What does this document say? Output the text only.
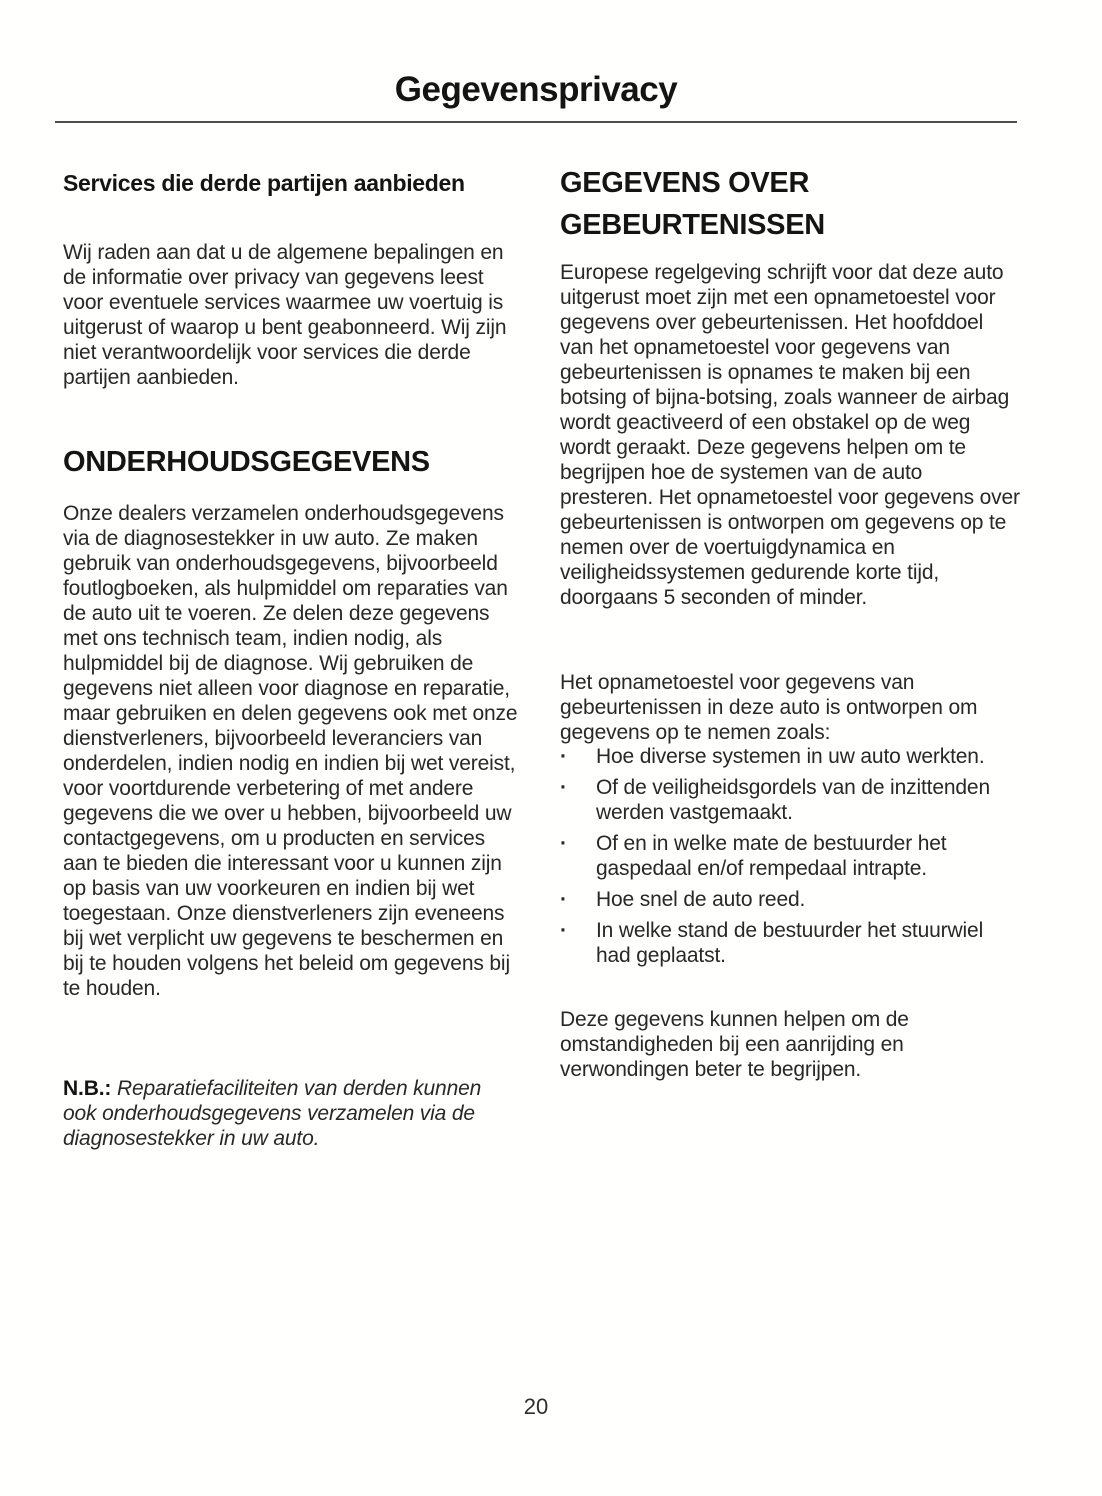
Gegevensprivacy
Services die derde partijen aanbieden

Wij raden aan dat u de algemene bepalingen en de informatie over privacy van gegevens leest voor eventuele services waarmee uw voertuig is uitgerust of waarop u bent geabonneerd. Wij zijn niet verantwoordelijk voor services die derde partijen aanbieden.

ONDERHOUDSGEGEVENS

Onze dealers verzamelen onderhoudsgegevens via de diagnosestekker in uw auto. Ze maken gebruik van onderhoudsgegevens, bijvoorbeeld foutlogboeken, als hulpmiddel om reparaties van de auto uit te voeren. Ze delen deze gegevens met ons technisch team, indien nodig, als hulpmiddel bij de diagnose. Wij gebruiken de gegevens niet alleen voor diagnose en reparatie, maar gebruiken en delen gegevens ook met onze dienstverleners, bijvoorbeeld leveranciers van onderdelen, indien nodig en indien bij wet vereist, voor voortdurende verbetering of met andere gegevens die we over u hebben, bijvoorbeeld uw contactgegevens, om u producten en services aan te bieden die interessant voor u kunnen zijn op basis van uw voorkeuren en indien bij wet toegestaan. Onze dienstverleners zijn eveneens bij wet verplicht uw gegevens te beschermen en bij te houden volgens het beleid om gegevens bij te houden.

N.B.: Reparatiefaciliteiten van derden kunnen ook onderhoudsgegevens verzamelen via de diagnosestekker in uw auto.

GEGEVENS OVER GEBEURTENISSEN

Europese regelgeving schrijft voor dat deze auto uitgerust moet zijn met een opnametoestel voor gegevens over gebeurtenissen. Het hoofddoel van het opnametoestel voor gegevens van gebeurtenissen is opnames te maken bij een botsing of bijna-botsing, zoals wanneer de airbag wordt geactiveerd of een obstakel op de weg wordt geraakt. Deze gegevens helpen om te begrijpen hoe de systemen van de auto presteren. Het opnametoestel voor gegevens over gebeurtenissen is ontworpen om gegevens op te nemen over de voertuigdynamica en veiligheidssystemen gedurende korte tijd, doorgaans 5 seconden of minder.

Het opnametoestel voor gegevens van gebeurtenissen in deze auto is ontworpen om gegevens op te nemen zoals:

·	Hoe diverse systemen in uw auto werkten.
·	Of de veiligheidsgordels van de inzittenden werden vastgemaakt.
·	Of en in welke mate de bestuurder het gaspedaal en/of rempedaal intrapte.
·	Hoe snel de auto reed.
·	In welke stand de bestuurder het stuurwiel had geplaatst.

Deze gegevens kunnen helpen om de omstandigheden bij een aanrijding en verwondingen beter te begrijpen.

20
